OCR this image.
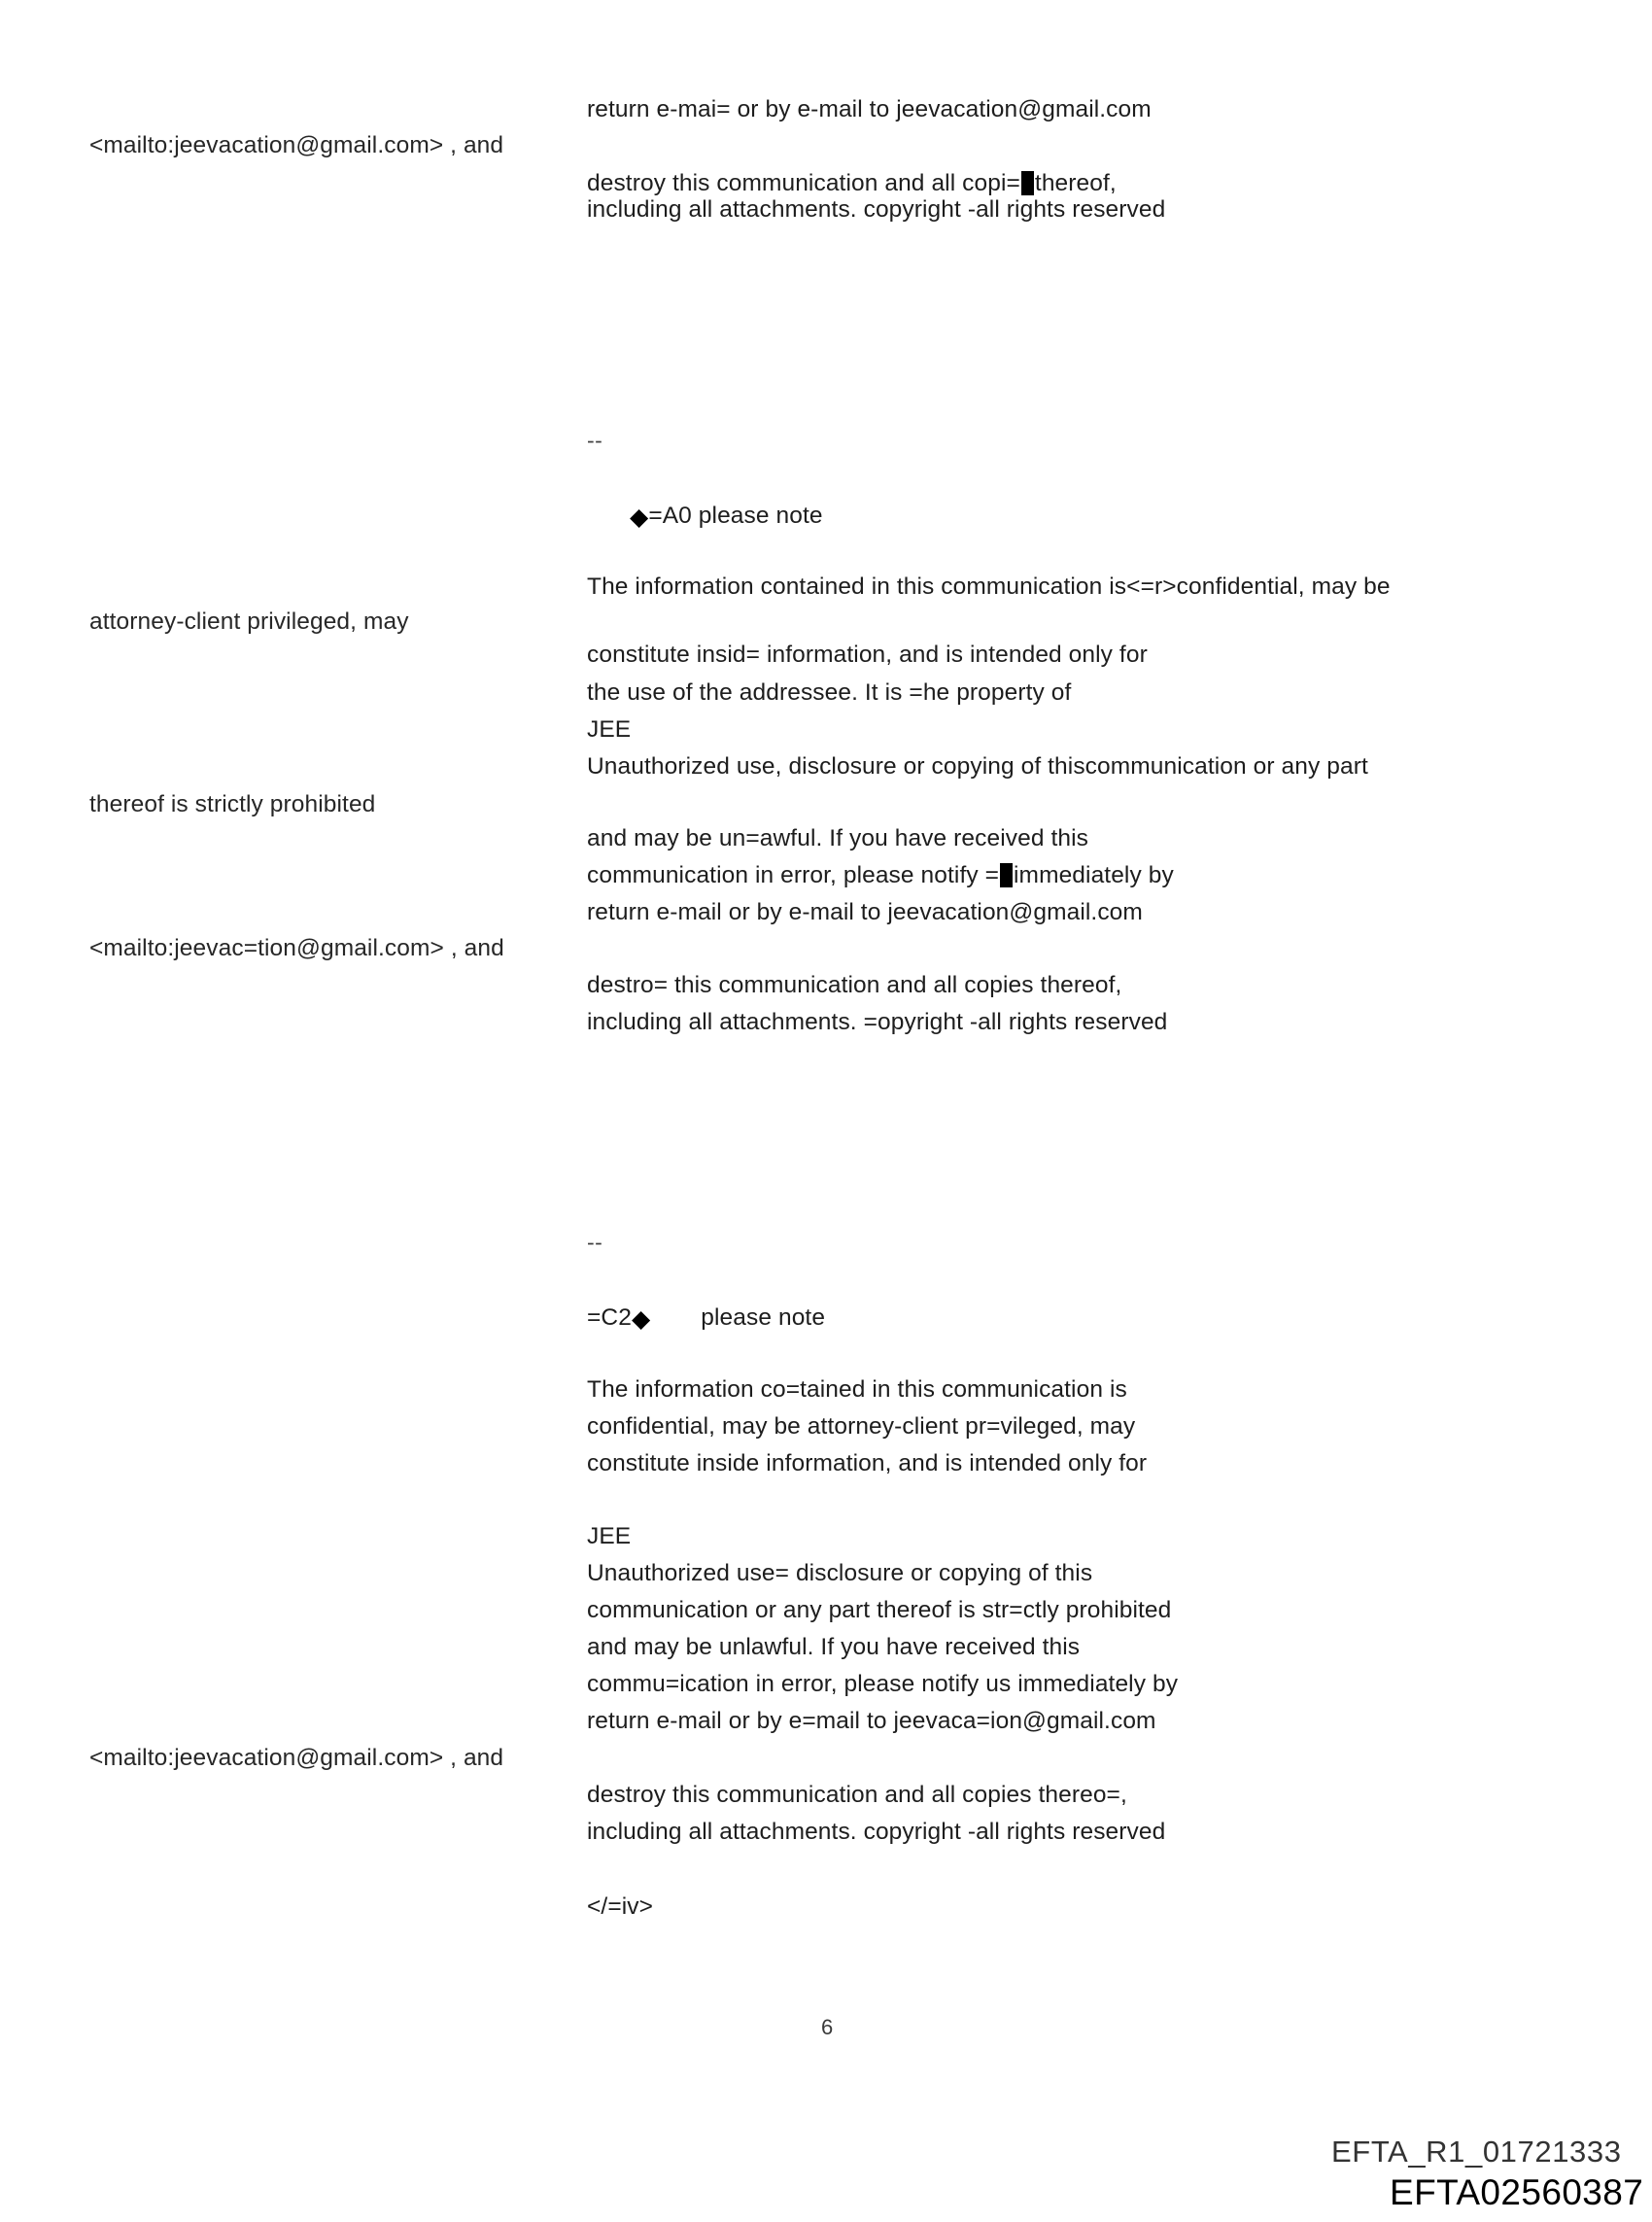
return e-mai= or by e-mail to jeevacation@gmail.com
<mailto:jeevacation@gmail.com> , and
destroy this communication and all copi= thereof,
including all attachments. copyright -all rights reserved
--
◆=A0 please note
The information contained in this communication is<=r>confidential, may be
attorney-client privileged, may
constitute insid= information, and is intended only for
the use of the addressee. It is =he property of
JEE
Unauthorized use, disclosure or copying of thiscommunication or any part
thereof is strictly prohibited
and may be un=awful. If you have received this
communication in error, please notify = immediately by
return e-mail or by e-mail to jeevacation@gmail.com
<mailto:jeevac=tion@gmail.com> , and
destro= this communication and all copies thereof,
including all attachments. =opyright -all rights reserved
--
=C2◆ please note
The information co=tained in this communication is
confidential, may be attorney-client pr=vileged, may
constitute inside information, and is intended only for
JEE
Unauthorized use= disclosure or copying of this
communication or any part thereof is str=ctly prohibited
and may be unlawful. If you have received this
commu=ication in error, please notify us immediately by
return e-mail or by e=mail to jeevaca=ion@gmail.com
<mailto:jeevacation@gmail.com> , and
destroy this communication and all copies thereo=,
including all attachments. copyright -all rights reserved
</=iv>
6
EFTA_R1_01721333
EFTA02560387
